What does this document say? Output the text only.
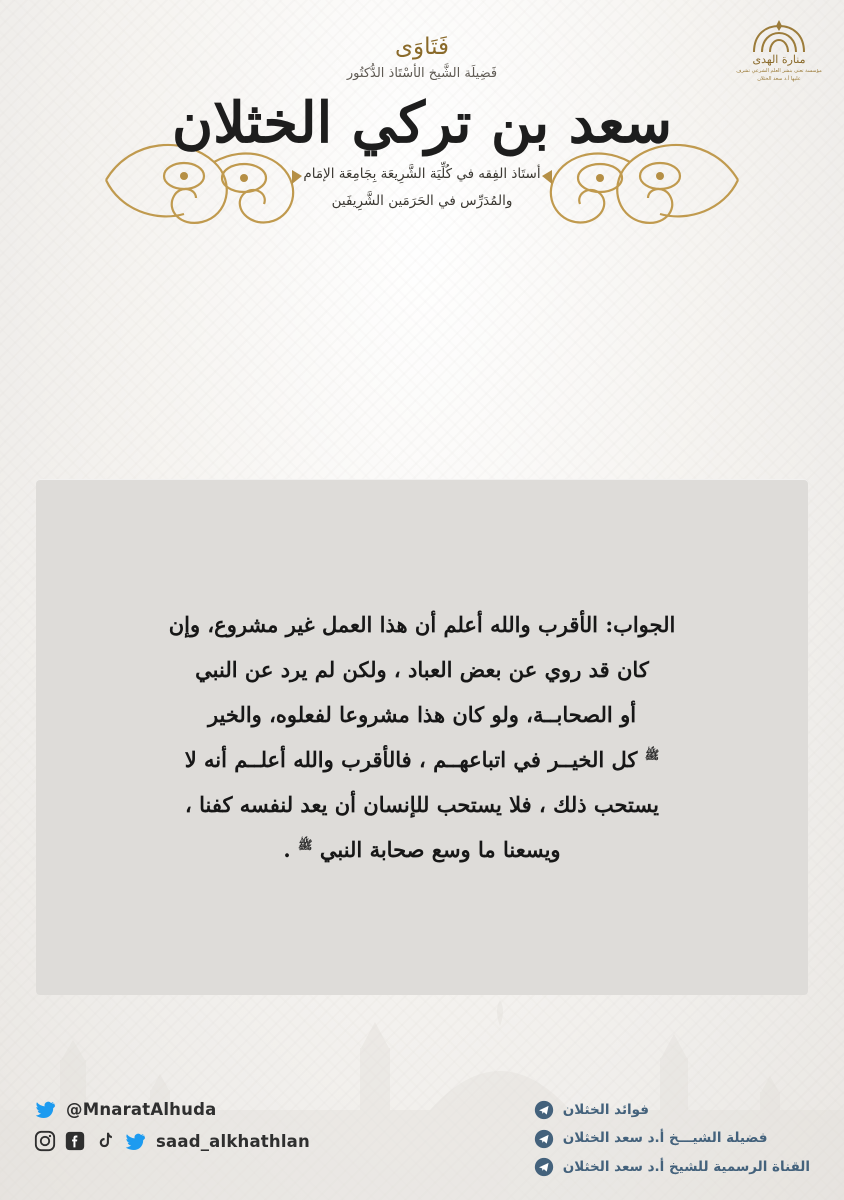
منارة الهدى
مؤسسة تعنى بنشر العلم الشرعي تشرف عليها أ.د سعد الخثلان
فَتَاوَى
فَضِيلَة الشَّيخ الأسْتَاذ الدُّكتُور
سعد بن تركي الخثلان
أستَاذ الفِقه في كُلِّيَة الشَّرِيعَة بِجَامِعَة الإمَام
والمُدَرِّس في الحَرَمَين الشَّرِيفَين
الجواب: الأقرب والله أعلم أن هذا العمل غير مشروع، وإن
كان قد روي عن بعض العباد ، ولكن لم يرد عن النبي
أو الصحابــة، ولو كان هذا مشروعا لفعلوه، والخير
$^ﷺ$ كل الخيــر في اتباعهــم ، فالأقرب والله أعلــم أنه لا
يستحب ذلك ، فلا يستحب للإنسان أن يعد لنفسه كفنا ،
ويسعنا ما وسع صحابة النبي $^ﷺ$ .
فوائد الخثلان
فضيلة الشيـــخ أ.د سعد الخثلان
القناة الرسمية للشيخ أ.د سعد الخثلان
@MnaratAlhuda
saad_alkhathlan
